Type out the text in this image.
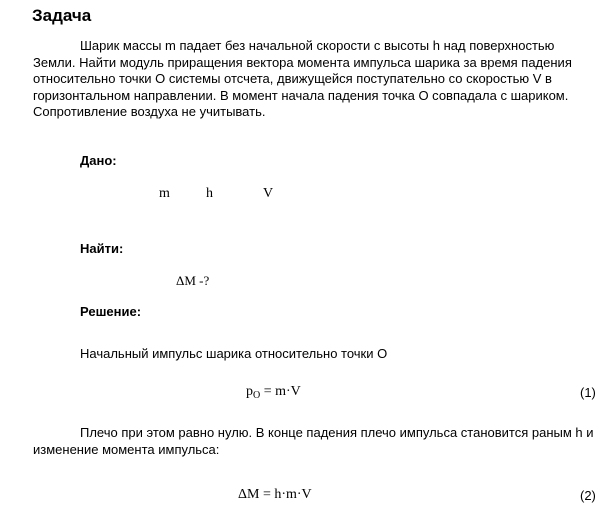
Задача

Шарик массы m падает без начальной скорости с высоты h над поверхностью Земли. Найти модуль приращения вектора момента импульса шарика за время падения относительно точки О системы отсчета, движущейся поступательно со скоростью V в горизонтальном направлении. В момент начала падения точка О совпадала с шариком. Сопротивление воздуха не учитывать.

Дано:
m	h	V
Найти:
ΔM -?
Решение:
Начальный импульс шарика относительно точки О
$p_O = m\cdot V$	(1)

Плечо при этом равно нулю. В конце падения плечо импульса становится раным h и изменение момента импульса:

ΔM = h·m·V	(2)
